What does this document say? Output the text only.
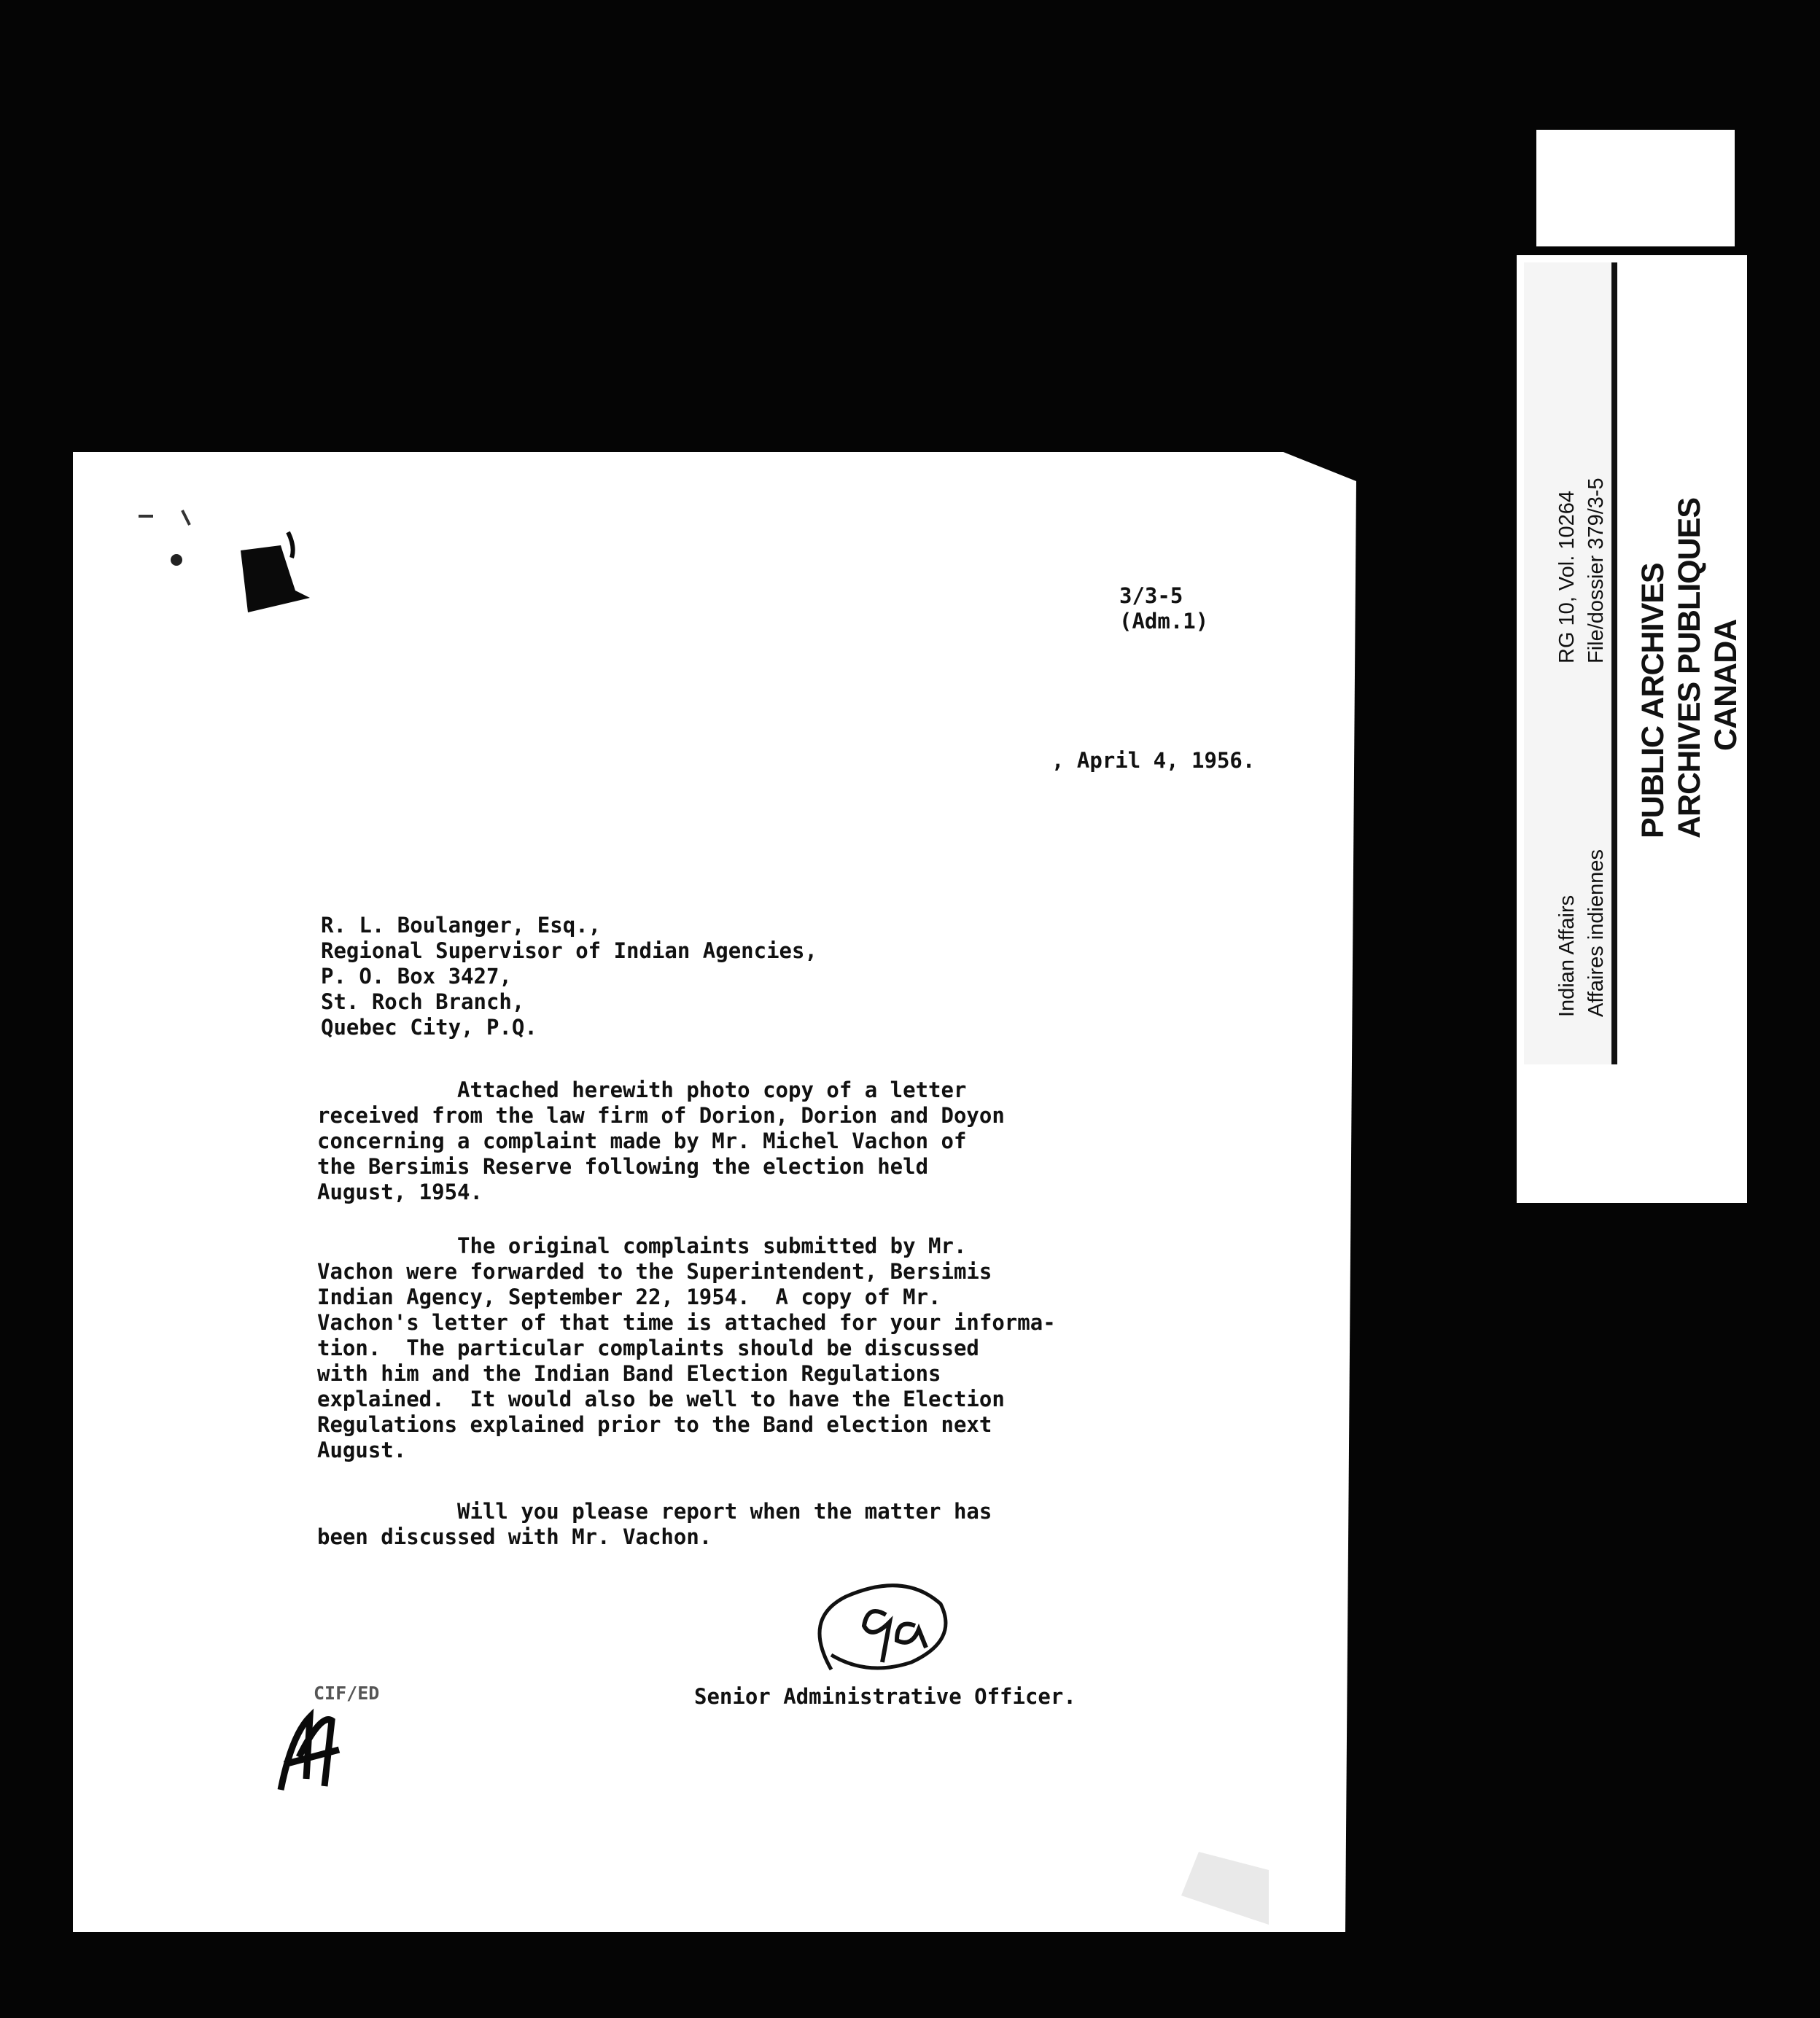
3/3-5
(Adm.1)
, April 4, 1956.
R. L. Boulanger, Esq.,
Regional Supervisor of Indian Agencies,
P. O. Box 3427,
St. Roch Branch,
Quebec City, P.Q.
Attached herewith photo copy of a letter
received from the law firm of Dorion, Dorion and Doyon
concerning a complaint made by Mr. Michel Vachon of
the Bersimis Reserve following the election held
August, 1954.
The original complaints submitted by Mr.
Vachon were forwarded to the Superintendent, Bersimis
Indian Agency, September 22, 1954.  A copy of Mr.
Vachon's letter of that time is attached for your informa-
tion.  The particular complaints should be discussed
with him and the Indian Band Election Regulations
explained.  It would also be well to have the Election
Regulations explained prior to the Band election next
August.
Will you please report when the matter has
been discussed with Mr. Vachon.
CIF/ED	Senior Administrative Officer.
Indian Affairs Affaires indiennes
RG 10, Vol. 10264 File/dossier 379/3-5 PUBLIC ARCHIVES ARCHIVES PUBLIQUES CANADA
